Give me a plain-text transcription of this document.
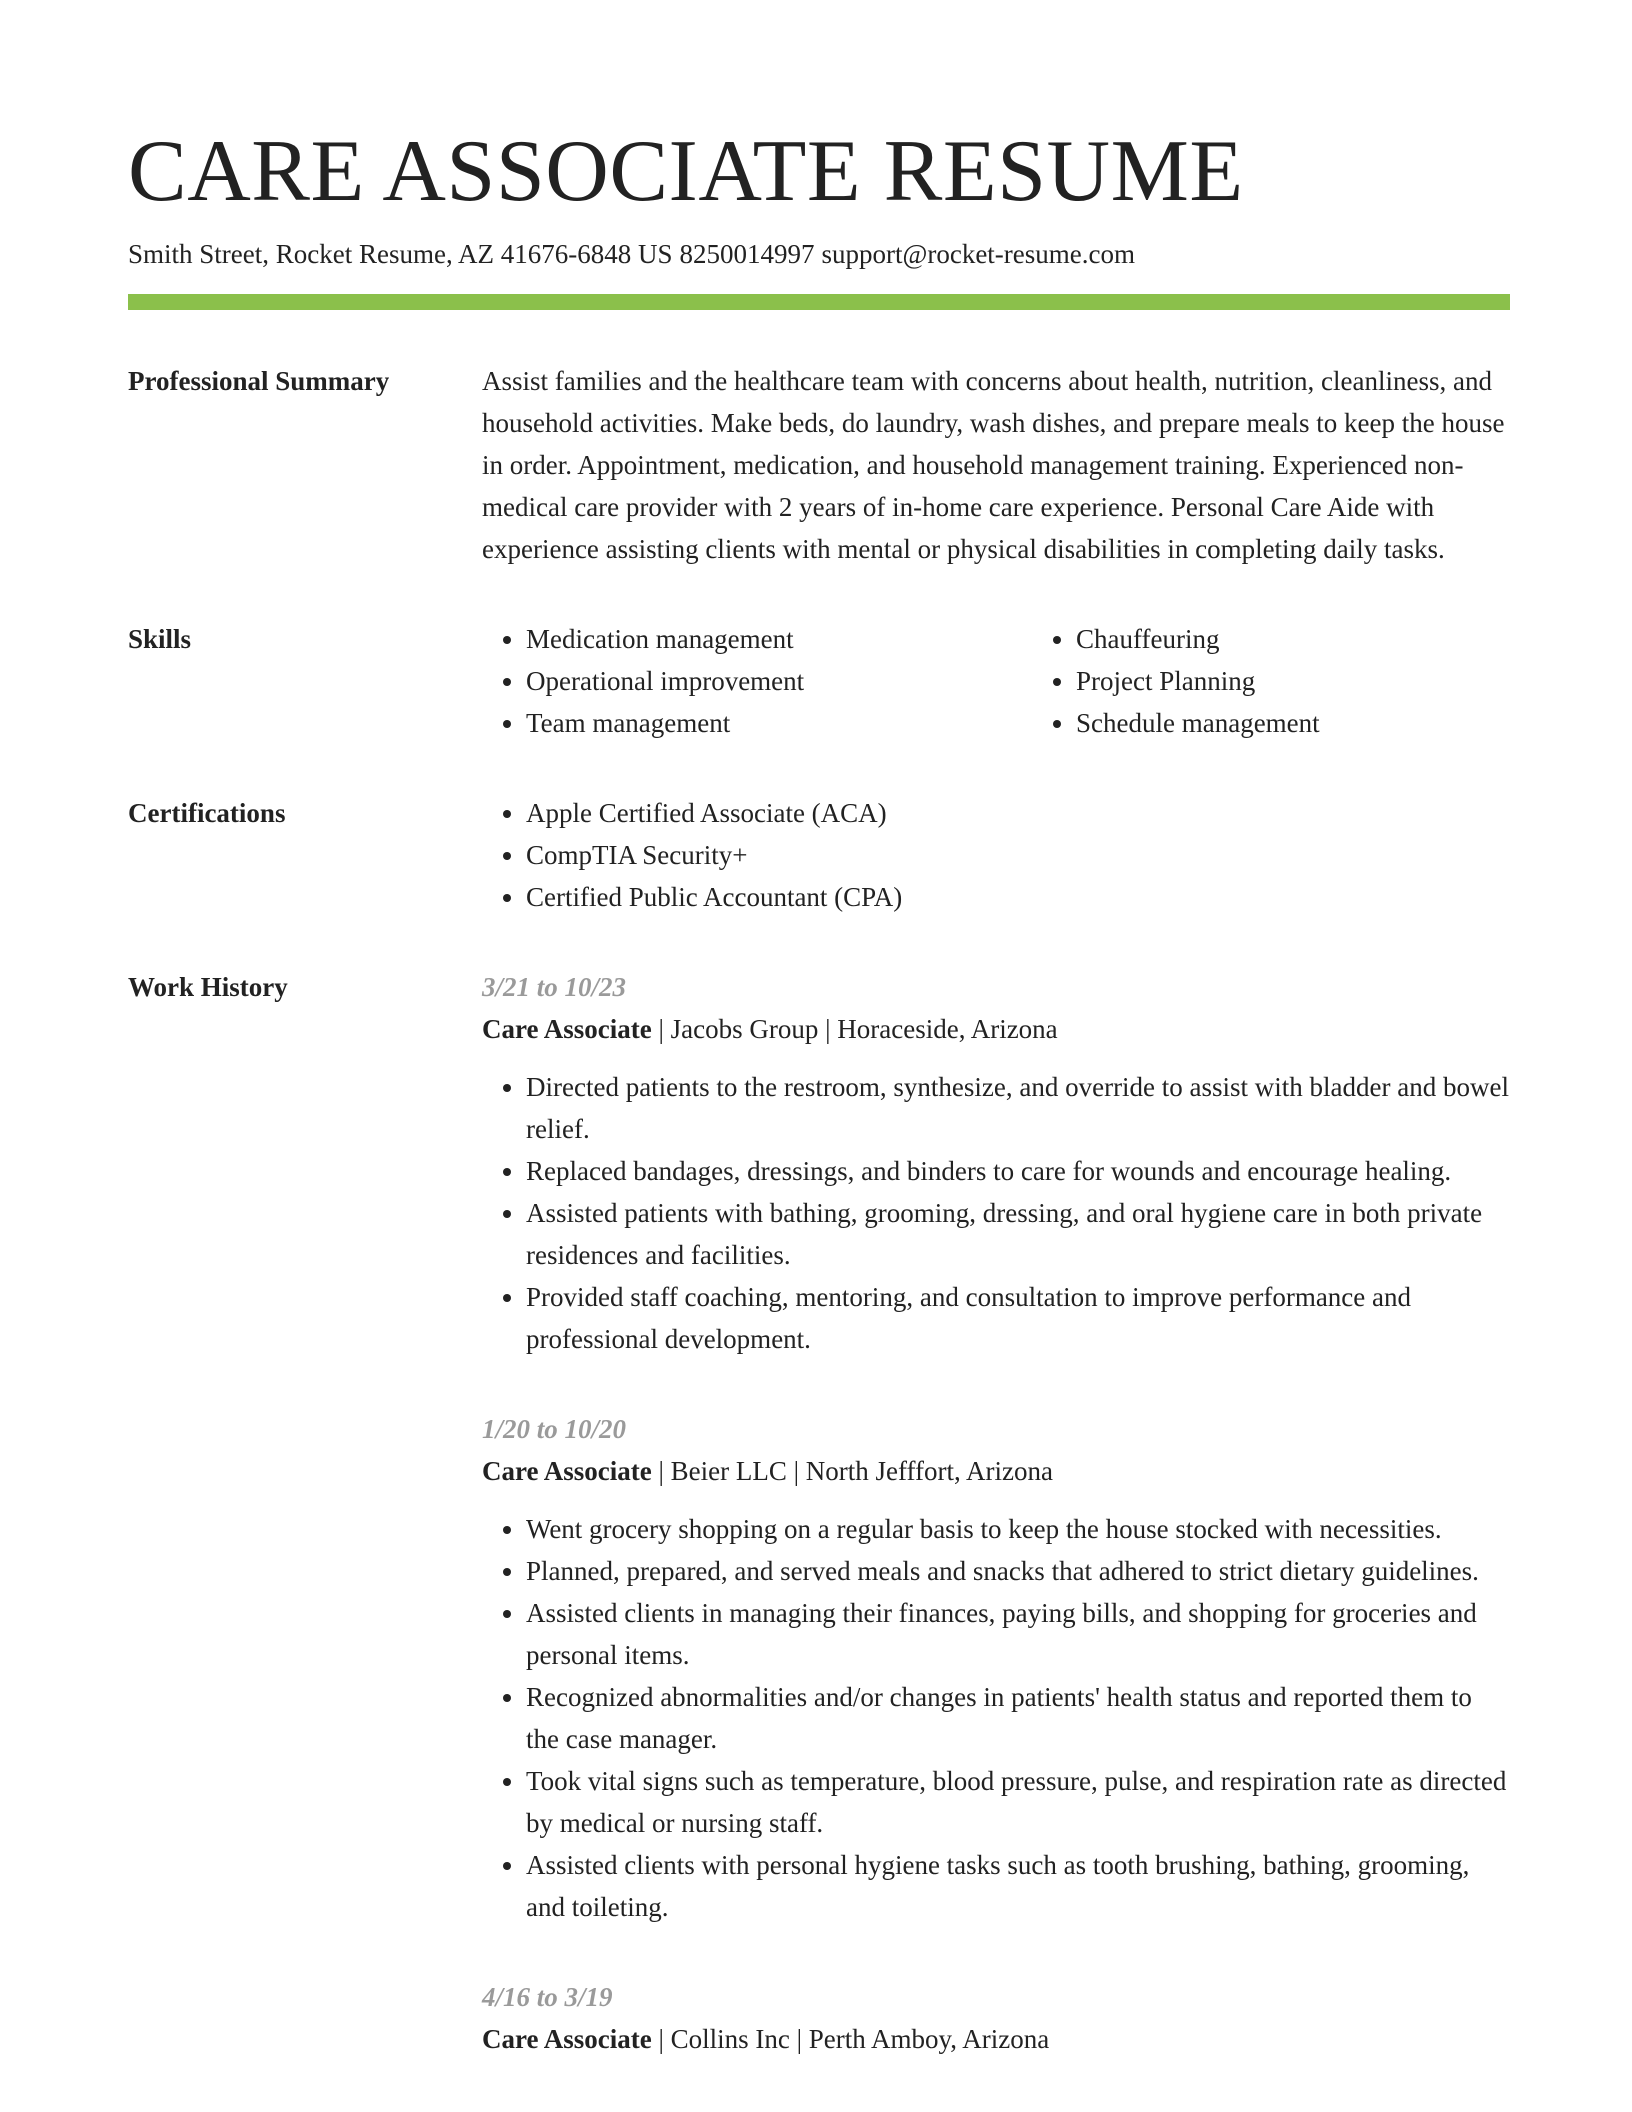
CARE ASSOCIATE RESUME
Smith Street, Rocket Resume, AZ 41676-6848 US 8250014997 support@rocket-resume.com
Professional Summary	Assist families and the healthcare team with concerns about health, nutrition, cleanliness, and household activities. Make beds, do laundry, wash dishes, and prepare meals to keep the house in order. Appointment, medication, and household management training. Experienced non-medical care provider with 2 years of in-home care experience. Personal Care Aide with experience assisting clients with mental or physical disabilities in completing daily tasks.

Skills	• Medication management
• Operational improvement
• Team management
• Chauffeuring
• Project Planning
• Schedule management
Certifications	• Apple Certified Associate (ACA)
• CompTIA Security+
• Certified Public Accountant (CPA)
Work History	3/21 to 10/23
Care Associate | Jacobs Group | Horaceside, Arizona
• Directed patients to the restroom, synthesize, and override to assist with bladder and bowel relief.
• Replaced bandages, dressings, and binders to care for wounds and encourage healing.
• Assisted patients with bathing, grooming, dressing, and oral hygiene care in both private residences and facilities.
• Provided staff coaching, mentoring, and consultation to improve performance and professional development.
1/20 to 10/20
Care Associate | Beier LLC | North Jefffort, Arizona
• Went grocery shopping on a regular basis to keep the house stocked with necessities.
• Planned, prepared, and served meals and snacks that adhered to strict dietary guidelines.
• Assisted clients in managing their finances, paying bills, and shopping for groceries and personal items.
• Recognized abnormalities and/or changes in patients' health status and reported them to the case manager.
• Took vital signs such as temperature, blood pressure, pulse, and respiration rate as directed by medical or nursing staff.
• Assisted clients with personal hygiene tasks such as tooth brushing, bathing, grooming, and toileting.
4/16 to 3/19
Care Associate | Collins Inc | Perth Amboy, Arizona
